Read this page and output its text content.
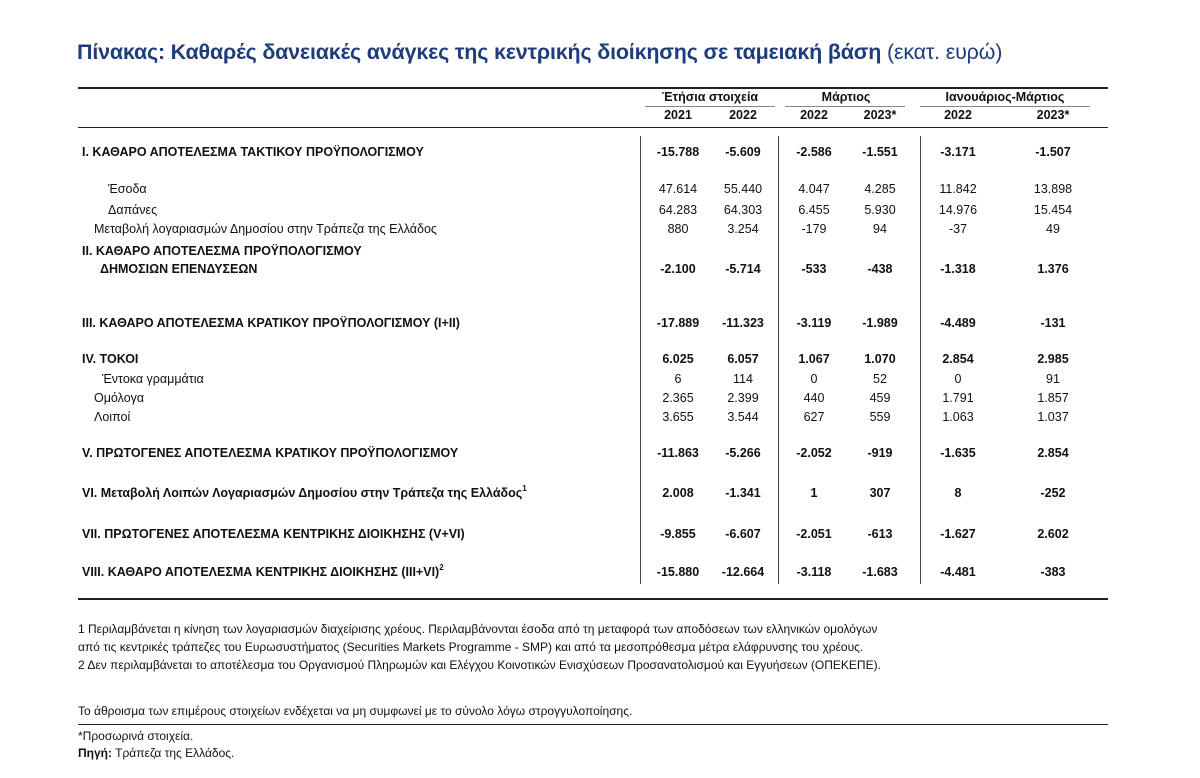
Πίνακας: Καθαρές δανειακές ανάγκες της κεντρικής διοίκησης σε ταμειακή βάση (εκατ. ευρώ)
Έτήσια στοιχεία	Μάρτιος	Ιανουάριος-Μάρτιος
2021	2022	2022	2023*	2022	2023*
I. ΚΑΘΑΡΟ ΑΠΟΤΕΛΕΣΜΑ ΤΑΚΤΙΚΟΥ ΠΡΟΫΠΟΛΟΓΙΣΜΟΥ	-15.788	-5.609	-2.586	-1.551	-3.171	-1.507
Έσοδα	47.614	55.440	4.047	4.285	11.842	13.898
Δαπάνες	64.283	64.303	6.455	5.930	14.976	15.454
Μεταβολή λογαριασμών Δημοσίου στην Τράπεζα της Ελλάδος	880	3.254	-179	94	-37	49
II. ΚΑΘΑΡΟ ΑΠΟΤΕΛΕΣΜΑ ΠΡΟΫΠΟΛΟΓΙΣΜΟΥ
ΔΗΜΟΣΙΩΝ ΕΠΕΝΔΥΣΕΩΝ	-2.100	-5.714	-533	-438	-1.318	1.376
III. ΚΑΘΑΡΟ ΑΠΟΤΕΛΕΣΜΑ ΚΡΑΤΙΚΟΥ ΠΡΟΫΠΟΛΟΓΙΣΜΟΥ (I+II)	-17.889	-11.323	-3.119	-1.989	-4.489	-131
IV. ΤΟΚΟΙ	6.025	6.057	1.067	1.070	2.854	2.985
Έντοκα γραμμάτια	6	114	0	52	0	91
Ομόλογα	2.365	2.399	440	459	1.791	1.857
Λοιποί	3.655	3.544	627	559	1.063	1.037
V. ΠΡΩΤΟΓΕΝΕΣ ΑΠΟΤΕΛΕΣΜΑ ΚΡΑΤΙΚΟΥ ΠΡΟΫΠΟΛΟΓΙΣΜΟΥ	-11.863	-5.266	-2.052	-919	-1.635	2.854
VI. Μεταβολή Λοιπών Λογαριασμών Δημοσίου στην Τράπεζα της Ελλάδος$^1$	2.008	-1.341	1	307	8	-252
VII. ΠΡΩΤΟΓΕΝΕΣ ΑΠΟΤΕΛΕΣΜΑ ΚΕΝΤΡΙΚΗΣ ΔΙΟΙΚΗΣΗΣ (V+VI)	-9.855	-6.607	-2.051	-613	-1.627	2.602
VIII. ΚΑΘΑΡΟ ΑΠΟΤΕΛΕΣΜΑ ΚΕΝΤΡΙΚΗΣ ΔΙΟΙΚΗΣΗΣ $(III+VI)^2$	-15.880	-12.664	-3.118	-1.683	-4.481	-383
1 Περιλαμβάνεται η κίνηση των λογαριασμών διαχείρισης χρέους. Περιλαμβάνονται έσοδα από τη μεταφορά των αποδόσεων των ελληνικών ομολόγων
από τις κεντρικές τράπεζες του Ευρωσυστήματος (Securities Markets Programme - SMP) και από τα μεσοπρόθεσμα μέτρα ελάφρυνσης του χρέους.
2 Δεν περιλαμβάνεται το αποτέλεσμα του Οργανισμού Πληρωμών και Ελέγχου Κοινοτικών Ενισχύσεων Προσανατολισμού και Εγγυήσεων (ΟΠΕΚΕΠΕ).
Το άθροισμα των επιμέρους στοιχείων ενδέχεται να μη συμφωνεί με το σύνολο λόγω στρογγυλοποίησης.
*Προσωρινά στοιχεία.
Πηγή: Τράπεζα της Ελλάδος.
